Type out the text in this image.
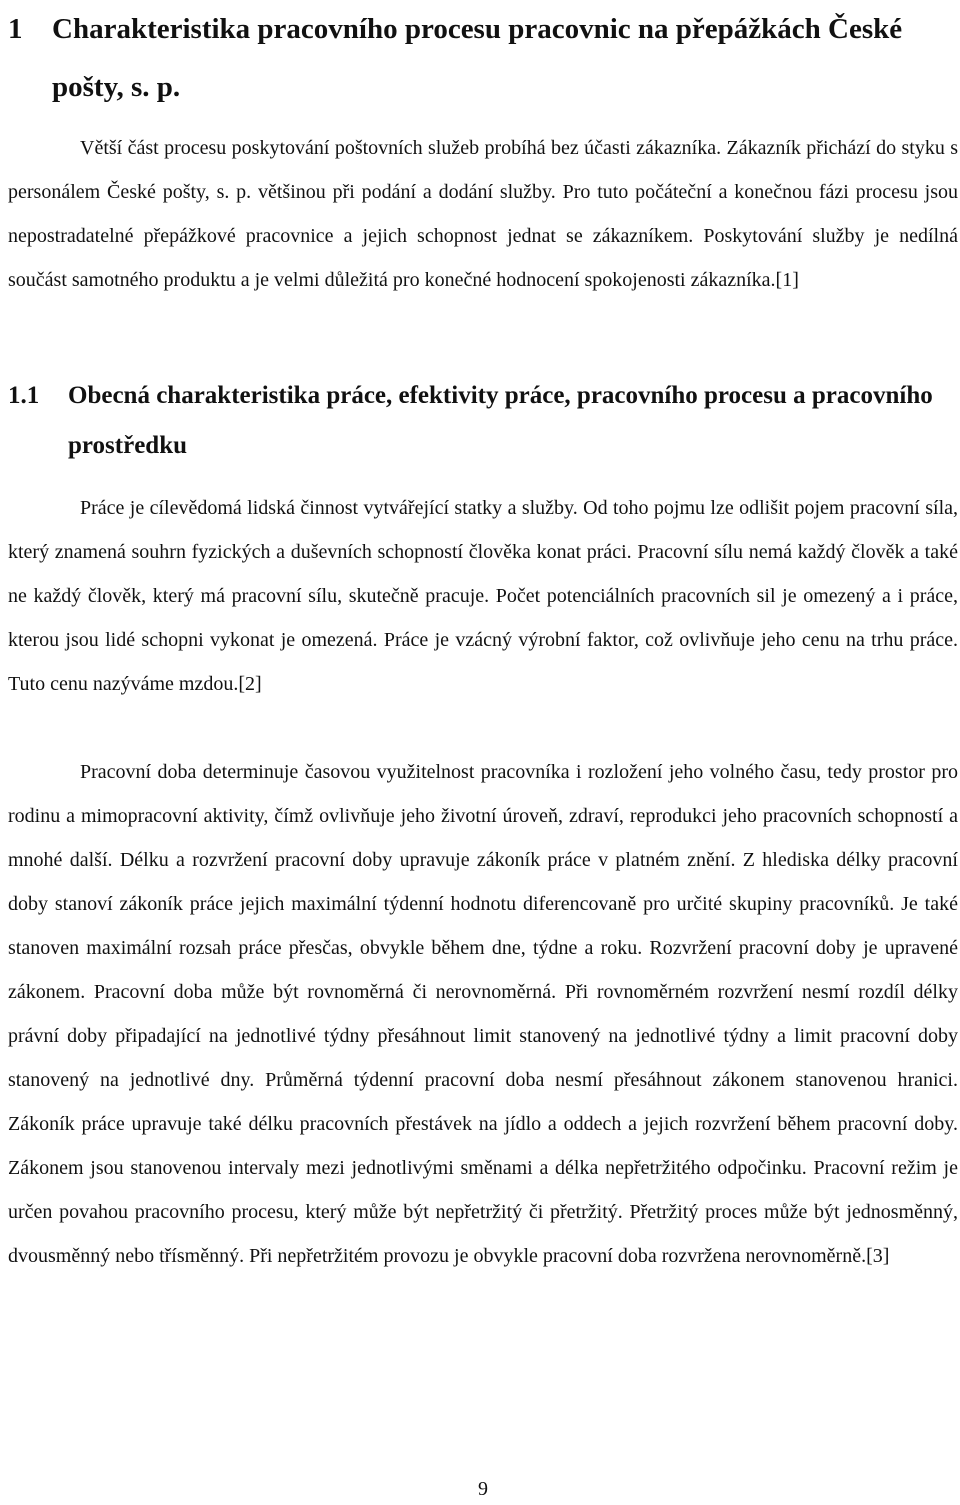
1 Charakteristika pracovního procesu pracovnic na přepážkách České pošty, s. p.

Větší část procesu poskytování poštovních služeb probíhá bez účasti zákazníka. Zákazník přichází do styku s personálem České pošty, s. p. většinou při podání a dodání služby. Pro tuto počáteční a konečnou fázi procesu jsou nepostradatelné přepážkové pracovnice a jejich schopnost jednat se zákazníkem. Poskytování služby je nedílná součást samotného produktu a je velmi důležitá pro konečné hodnocení spokojenosti zákazníka.[1]

1.1 Obecná charakteristika práce, efektivity práce, pracovního procesu a pracovního prostředku

Práce je cílevědomá lidská činnost vytvářející statky a služby. Od toho pojmu lze odlišit pojem pracovní síla, který znamená souhrn fyzických a duševních schopností člověka konat práci. Pracovní sílu nemá každý člověk a také ne každý člověk, který má pracovní sílu, skutečně pracuje. Počet potenciálních pracovních sil je omezený a i práce, kterou jsou lidé schopni vykonat je omezená. Práce je vzácný výrobní faktor, což ovlivňuje jeho cenu na trhu práce. Tuto cenu nazýváme mzdou.[2]

Pracovní doba determinuje časovou využitelnost pracovníka i rozložení jeho volného času, tedy prostor pro rodinu a mimopracovní aktivity, čímž ovlivňuje jeho životní úroveň, zdraví, reprodukci jeho pracovních schopností a mnohé další. Délku a rozvržení pracovní doby upravuje zákoník práce v platném znění. Z hlediska délky pracovní doby stanoví zákoník práce jejich maximální týdenní hodnotu diferencovaně pro určité skupiny pracovníků. Je také stanoven maximální rozsah práce přesčas, obvykle během dne, týdne a roku. Rozvržení pracovní doby je upravené zákonem. Pracovní doba může být rovnoměrná či nerovnoměrná. Při rovnoměrném rozvržení nesmí rozdíl délky právní doby připadající na jednotlivé týdny přesáhnout limit stanovený na jednotlivé týdny a limit pracovní doby stanovený na jednotlivé dny. Průměrná týdenní pracovní doba nesmí přesáhnout zákonem stanovenou hranici. Zákoník práce upravuje také délku pracovních přestávek na jídlo a oddech a jejich rozvržení během pracovní doby. Zákonem jsou stanovenou intervaly mezi jednotlivými směnami a délka nepřetržitého odpočinku. Pracovní režim je určen povahou pracovního procesu, který může být nepřetržitý či přetržitý. Přetržitý proces může být jednosměnný, dvousměnný nebo třísměnný. Při nepřetržitém provozu je obvykle pracovní doba rozvržena nerovnoměrně.[3]

9
